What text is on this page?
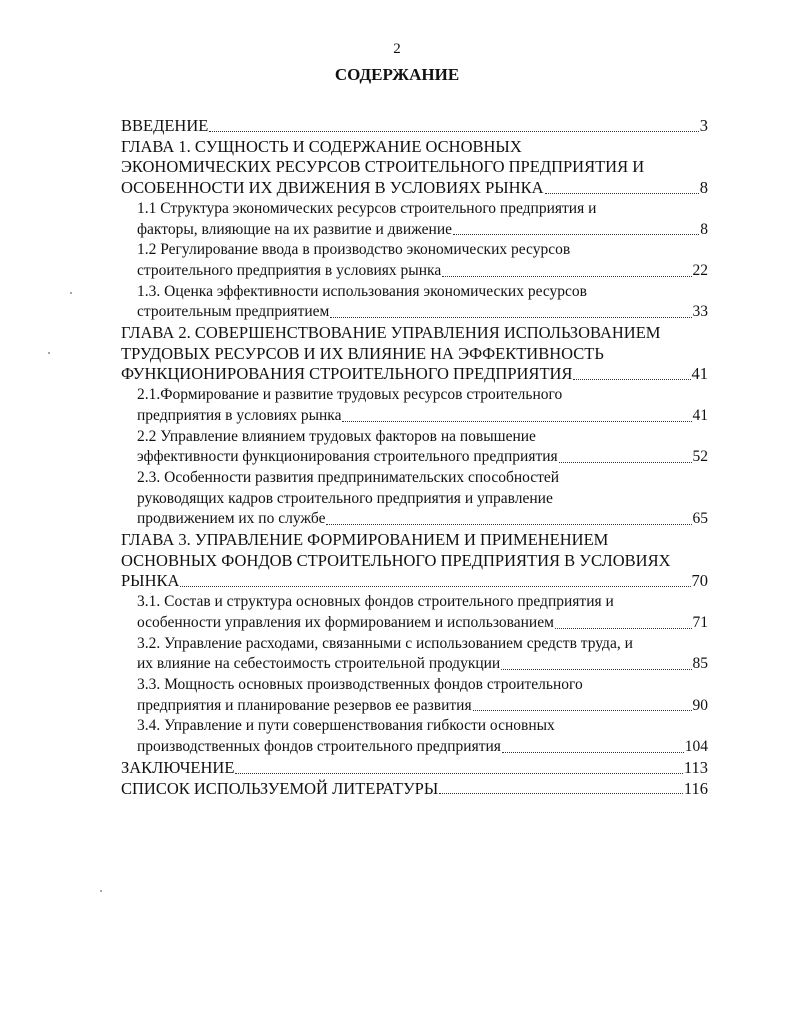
2
СОДЕРЖАНИЕ
ВВЕДЕНИЕ	3
ГЛАВА 1. СУЩНОСТЬ И СОДЕРЖАНИЕ ОСНОВНЫХ
ЭКОНОМИЧЕСКИХ РЕСУРСОВ СТРОИТЕЛЬНОГО ПРЕДПРИЯТИЯ И
ОСОБЕННОСТИ ИХ ДВИЖЕНИЯ В УСЛОВИЯХ РЫНКА	8
1.1 Структура экономических ресурсов строительного предприятия и
факторы, влияющие на их развитие и движение	8
1.2 Регулирование ввода в производство экономических ресурсов
строительного предприятия в условиях рынка	22
1.3. Оценка эффективности использования экономических ресурсов
строительным предприятием	33
ГЛАВА 2. СОВЕРШЕНСТВОВАНИЕ УПРАВЛЕНИЯ ИСПОЛЬЗОВАНИЕМ
ТРУДОВЫХ РЕСУРСОВ И ИХ ВЛИЯНИЕ НА ЭФФЕКТИВНОСТЬ
ФУНКЦИОНИРОВАНИЯ СТРОИТЕЛЬНОГО ПРЕДПРИЯТИЯ	41
2.1.Формирование и развитие трудовых ресурсов строительного
предприятия в условиях рынка	41
2.2 Управление влиянием трудовых факторов на повышение
эффективности функционирования строительного предприятия	52
2.3. Особенности развития предпринимательских способностей
руководящих кадров строительного предприятия и управление
продвижением их по службе	65
ГЛАВА 3. УПРАВЛЕНИЕ ФОРМИРОВАНИЕМ И ПРИМЕНЕНИЕМ
ОСНОВНЫХ ФОНДОВ СТРОИТЕЛЬНОГО ПРЕДПРИЯТИЯ В УСЛОВИЯХ
РЫНКА	70
3.1. Состав и структура основных фондов строительного предприятия и
особенности управления их формированием и использованием	71
3.2. Управление расходами, связанными с использованием средств труда, и
их влияние на себестоимость строительной продукции	85
3.3. Мощность основных производственных фондов строительного
предприятия и планирование резервов ее развития	90
3.4. Управление и пути совершенствования гибкости основных
производственных фондов строительного предприятия	104
ЗАКЛЮЧЕНИЕ	113
СПИСОК ИСПОЛЬЗУЕМОЙ ЛИТЕРАТУРЫ	116
